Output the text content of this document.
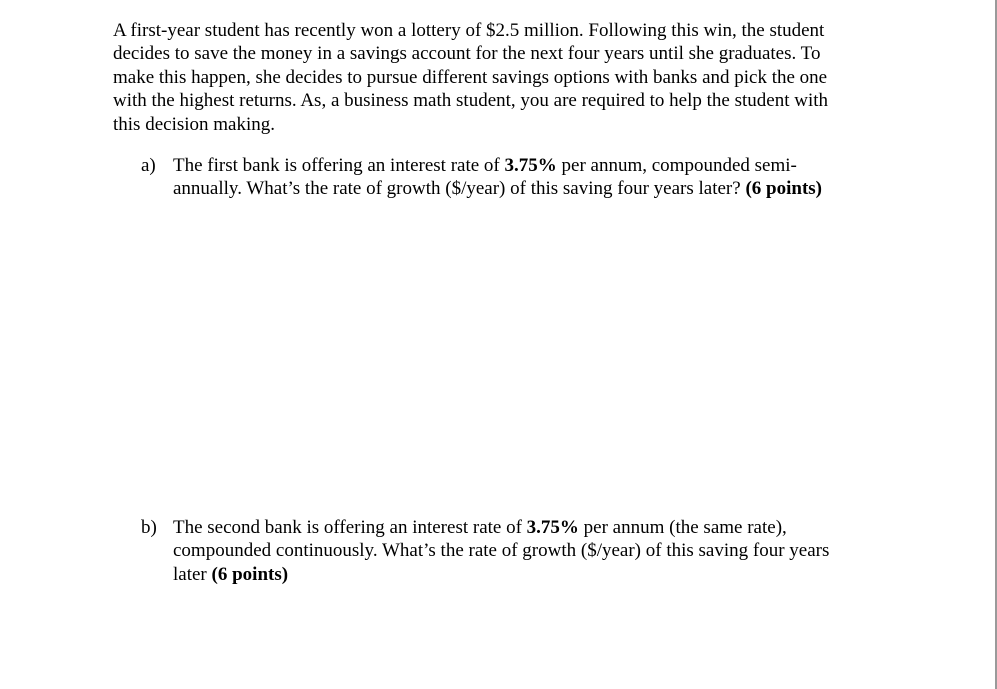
A first-year student has recently won a lottery of $2.5 million. Following this win, the student
decides to save the money in a savings account for the next four years until she graduates. To
make this happen, she decides to pursue different savings options with banks and pick the one
with the highest returns. As, a business math student, you are required to help the student with
this decision making.

a) The first bank is offering an interest rate of 3.75% per annum, compounded semi-
annually. What’s the rate of growth ($/year) of this saving four years later? (6 points)

b) The second bank is offering an interest rate of 3.75% per annum (the same rate),
compounded continuously. What’s the rate of growth ($/year) of this saving four years
later (6 points)
